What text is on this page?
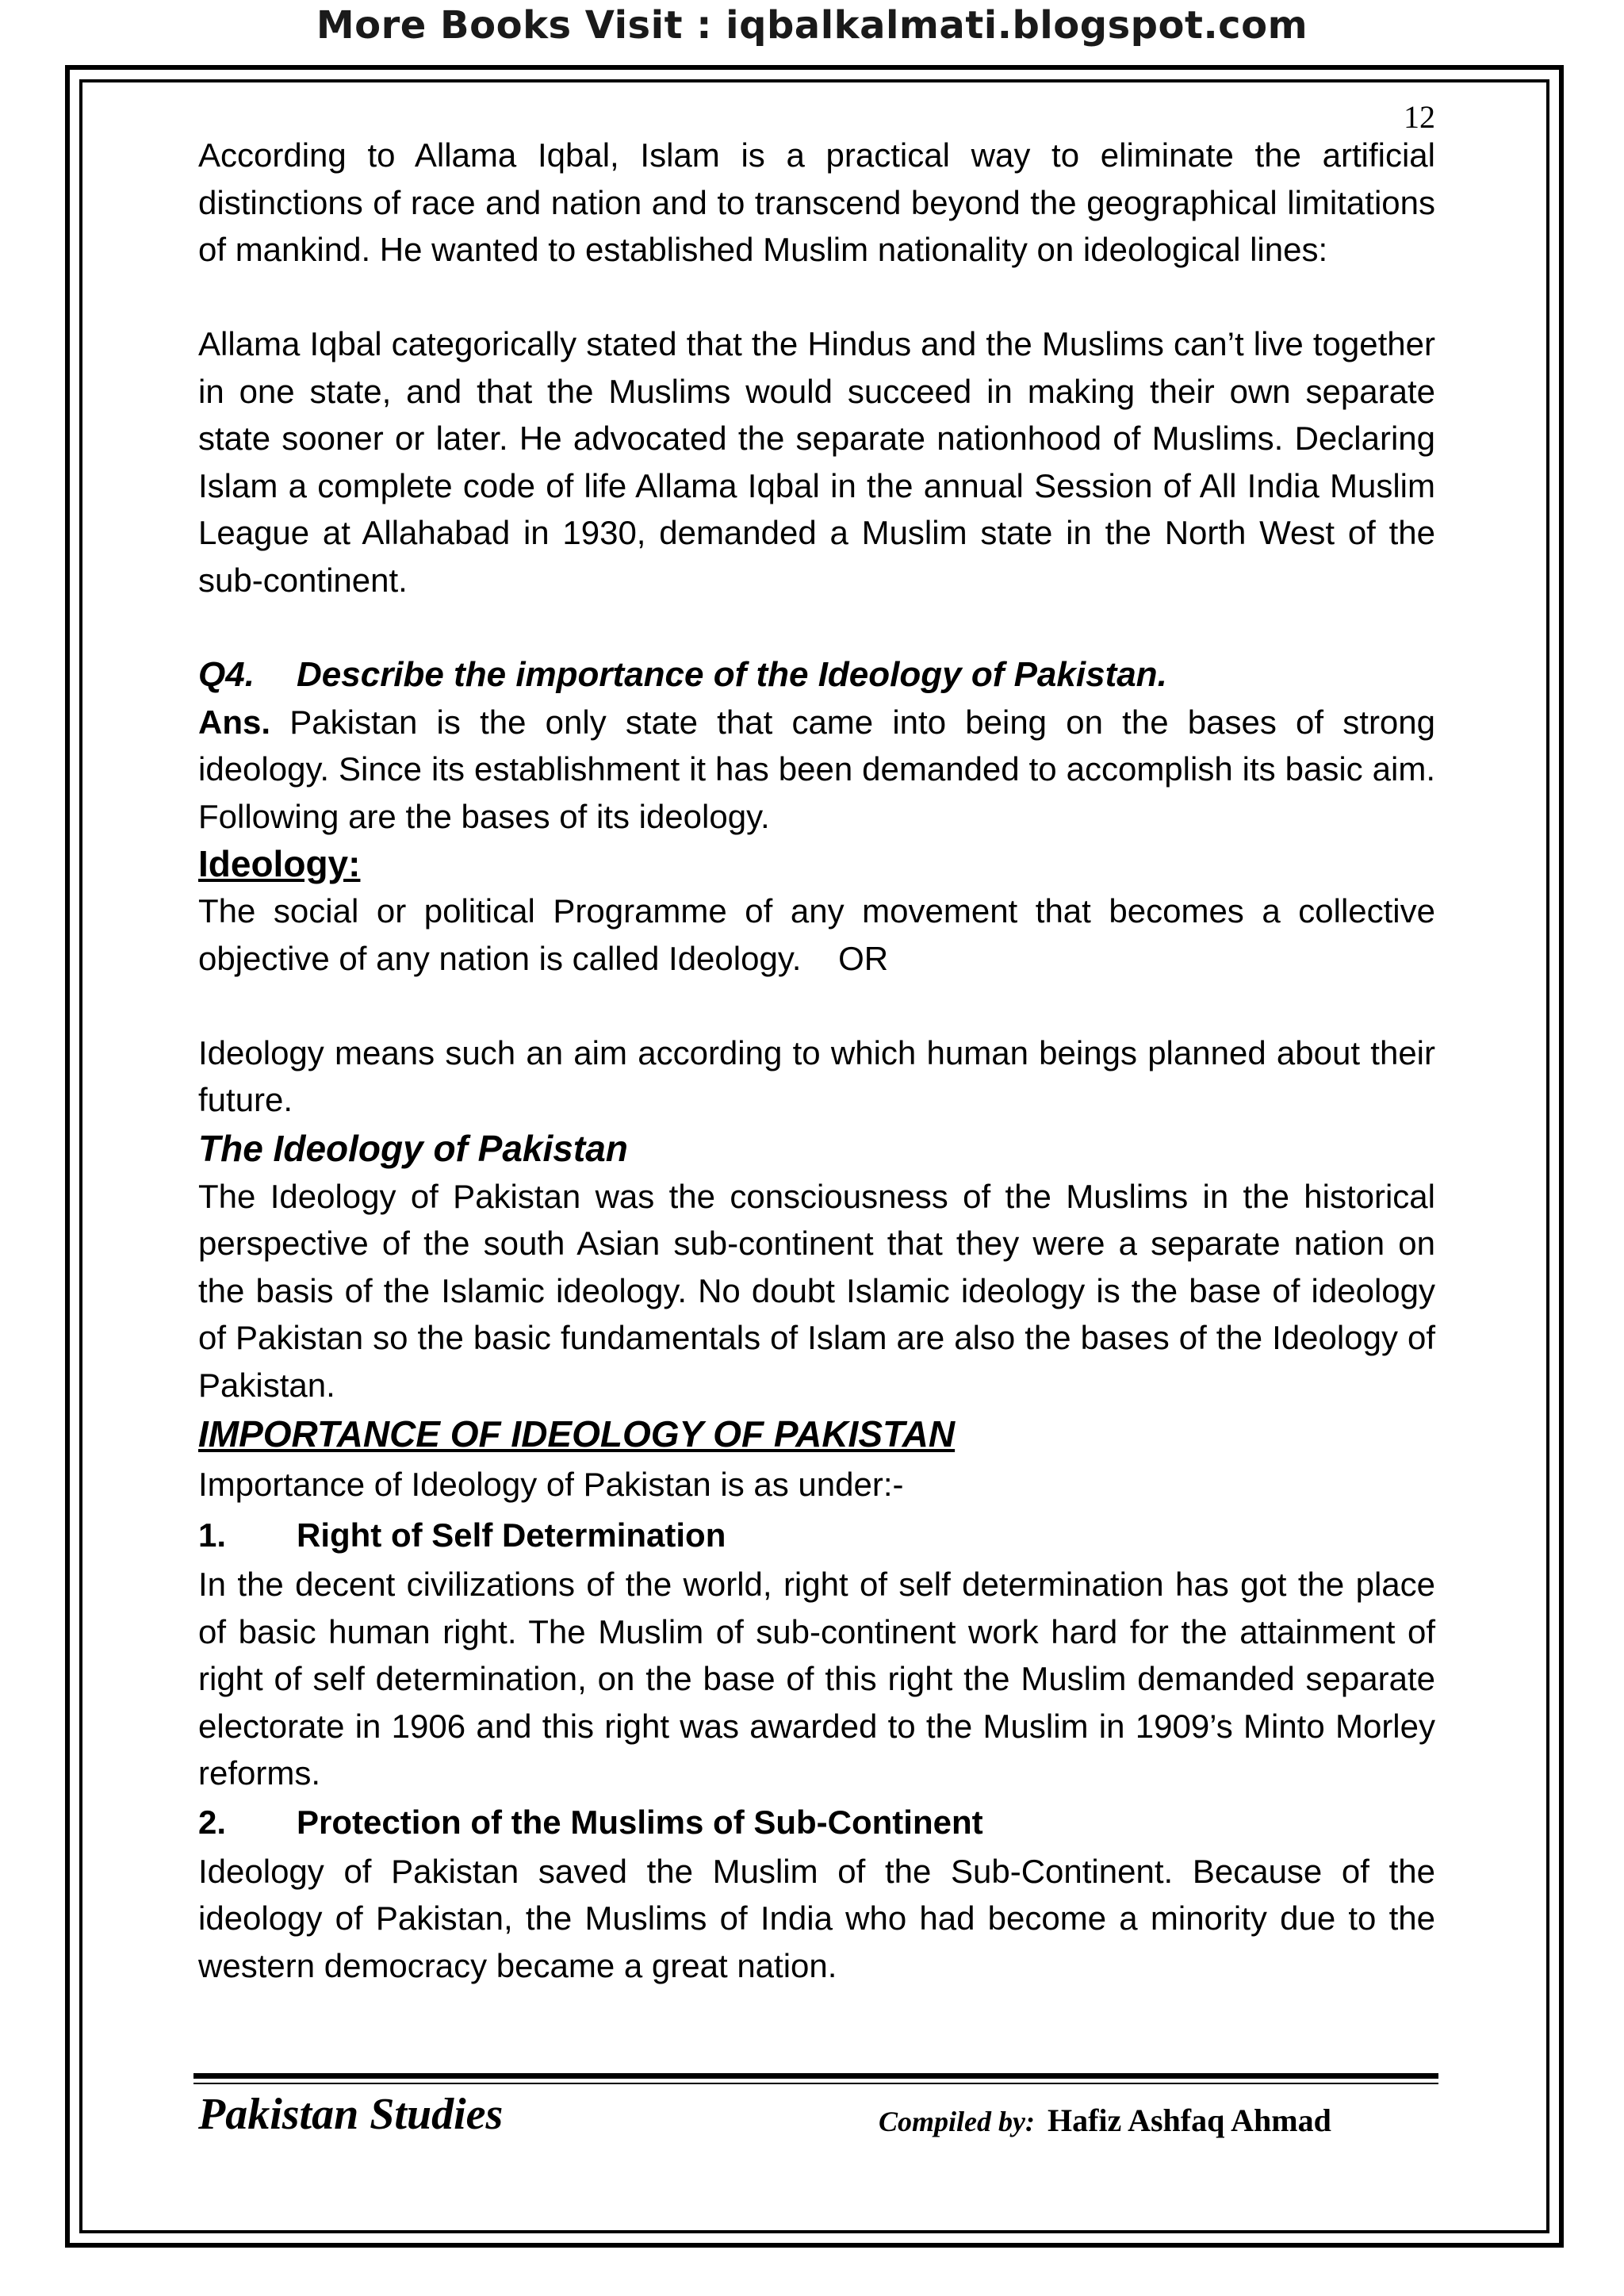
More Books Visit : iqbalkalmati.blogspot.com
12

According to Allama Iqbal, Islam is a practical way to eliminate the artificial distinctions of race and nation and to transcend beyond the geographical limitations of mankind. He wanted to established Muslim nationality on ideological lines:

Allama Iqbal categorically stated that the Hindus and the Muslims can’t live together in one state, and that the Muslims would succeed in making their own separate state sooner or later. He advocated the separate nationhood of Muslims. Declaring Islam a complete code of life Allama Iqbal in the annual Session of All India Muslim League at Allahabad in 1930, demanded a Muslim state in the North West of the sub-continent.

Q4. Describe the importance of the Ideology of Pakistan.

Ans. Pakistan is the only state that came into being on the bases of strong ideology. Since its establishment it has been demanded to accomplish its basic aim. Following are the bases of its ideology.

Ideology:

The social or political Programme of any movement that becomes a collective objective of any nation is called Ideology. OR

Ideology means such an aim according to which human beings planned about their future.

The Ideology of Pakistan

The Ideology of Pakistan was the consciousness of the Muslims in the historical perspective of the south Asian sub-continent that they were a separate nation on the basis of the Islamic ideology. No doubt Islamic ideology is the base of ideology of Pakistan so the basic fundamentals of Islam are also the bases of the Ideology of Pakistan.

IMPORTANCE OF IDEOLOGY OF PAKISTAN

Importance of Ideology of Pakistan is as under:-

1. Right of Self Determination

In the decent civilizations of the world, right of self determination has got the place of basic human right. The Muslim of sub-continent work hard for the attainment of right of self determination, on the base of this right the Muslim demanded separate electorate in 1906 and this right was awarded to the Muslim in 1909’s Minto Morley reforms.

2. Protection of the Muslims of Sub-Continent

Ideology of Pakistan saved the Muslim of the Sub-Continent. Because of the ideology of Pakistan, the Muslims of India who had become a minority due to the western democracy became a great nation.

Pakistan Studies	Compiled by: Hafiz Ashfaq Ahmad
